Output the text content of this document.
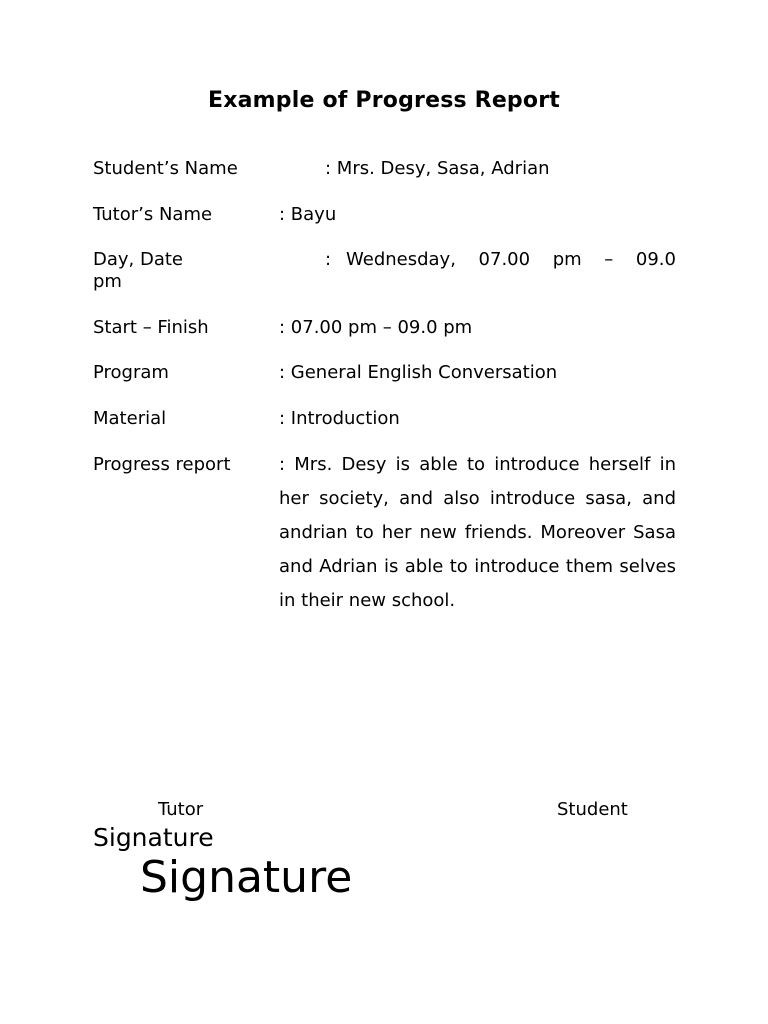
Example of Progress Report
Student’s Name	: Mrs. Desy, Sasa, Adrian
Tutor’s Name	: Bayu
Day, Date	: Wednesday, 07.00 pm – 09.0
pm
Start – Finish	: 07.00 pm – 09.0 pm
Program	: General English Conversation
Material	: Introduction
Progress report	: Mrs. Desy is able to introduce herself in her society, and also introduce sasa, and andrian to her new friends. Moreover Sasa and Adrian is able to introduce them selves in their new school.
Tutor	Student
Signature
Signature
